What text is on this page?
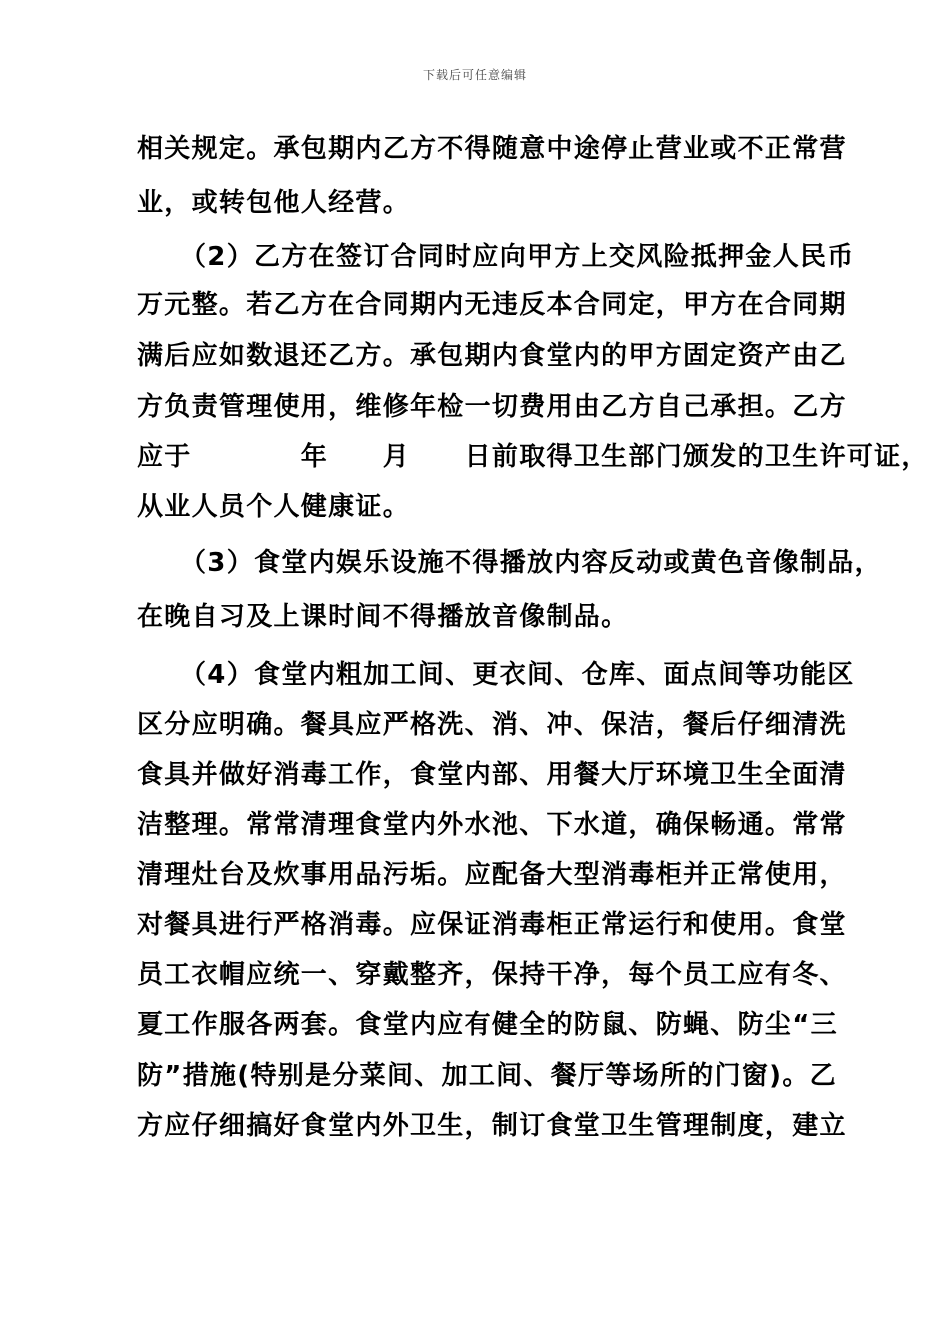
下载后可任意编辑
相关规定。承包期内乙方不得随意中途停止营业或不正常营
业，或转包他人经营。
（2）乙方在签订合同时应向甲方上交风险抵押金人民币
万元整。若乙方在合同期内无违反本合同定，甲方在合同期
满后应如数退还乙方。承包期内食堂内的甲方固定资产由乙
方负责管理使用，维修年检一切费用由乙方自己承担。乙方
应于　　　　年　　月　　日前取得卫生部门颁发的卫生许可证，
从业人员个人健康证。
（3）食堂内娱乐设施不得播放内容反动或黄色音像制品，
在晚自习及上课时间不得播放音像制品。
（4）食堂内粗加工间、更衣间、仓库、面点间等功能区
区分应明确。餐具应严格洗、消、冲、保洁，餐后仔细清洗
食具并做好消毒工作，食堂内部、用餐大厅环境卫生全面清
洁整理。常常清理食堂内外水池、下水道，确保畅通。常常
清理灶台及炊事用品污垢。应配备大型消毒柜并正常使用，
对餐具进行严格消毒。应保证消毒柜正常运行和使用。食堂
员工衣帽应统一、穿戴整齐，保持干净，每个员工应有冬、
夏工作服各两套。食堂内应有健全的防鼠、防蝇、防尘“三
防”措施(特别是分菜间、加工间、餐厅等场所的门窗)。乙
方应仔细搞好食堂内外卫生，制订食堂卫生管理制度，建立
